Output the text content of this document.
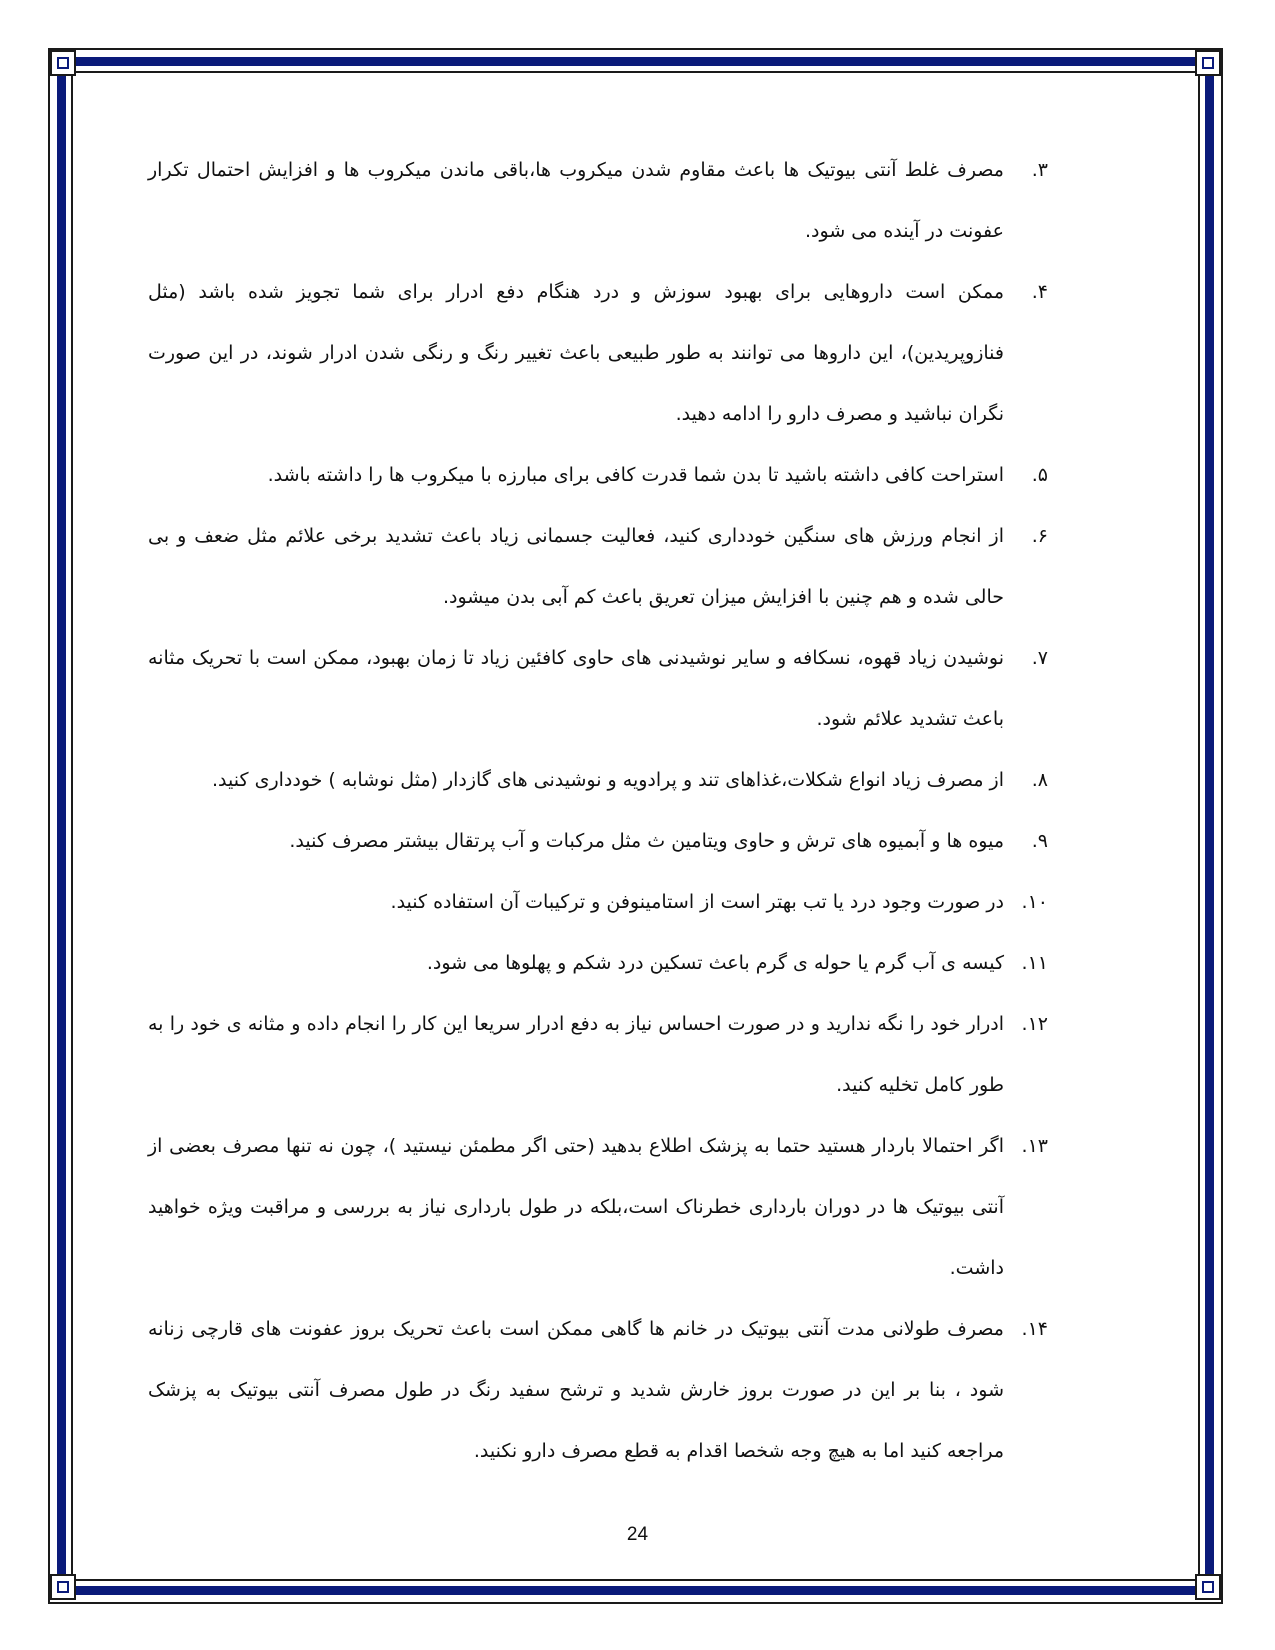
۳.
مصرف غلط آنتی بیوتیک ها باعث مقاوم شدن میکروب ها،باقی ماندن میکروب ها و افزایش احتمال تکرار عفونت در آینده می شود.
۴.
ممکن است داروهایی برای بهبود سوزش و درد هنگام دفع ادرار برای شما تجویز شده باشد (مثل فنازوپریدین)، این داروها می توانند به طور طبیعی باعث تغییر رنگ و رنگی شدن ادرار شوند، در این صورت نگران نباشید و مصرف دارو را ادامه دهید.
۵.
استراحت کافی داشته باشید تا بدن شما قدرت کافی برای مبارزه با میکروب ها را داشته باشد.
۶.
از انجام ورزش های سنگین خودداری کنید، فعالیت جسمانی زیاد باعث تشدید برخی علائم مثل ضعف و بی حالی شده و هم چنین با افزایش میزان تعریق باعث کم آبی بدن میشود.
۷.
نوشیدن زیاد قهوه، نسکافه و سایر نوشیدنی های حاوی کافئین زیاد تا زمان بهبود، ممکن است با تحریک مثانه باعث تشدید علائم شود.
۸.
از مصرف زیاد انواع شکلات،غذاهای تند و پرادویه و نوشیدنی های گازدار (مثل نوشابه ) خودداری کنید.
۹.
میوه ها و آبمیوه های ترش و حاوی ویتامین ث مثل مرکبات و آب پرتقال بیشتر مصرف کنید.
۱۰.
در صورت وجود درد یا تب بهتر است از استامینوفن و ترکیبات آن استفاده کنید.
۱۱.
کیسه ی آب گرم یا حوله ی گرم باعث تسکین درد شکم و پهلوها می شود.
۱۲.
ادرار خود را نگه ندارید و در صورت احساس نیاز به دفع ادرار سریعا این کار را انجام داده و مثانه ی خود را به طور کامل تخلیه کنید.
۱۳.
اگر احتمالا باردار هستید حتما به پزشک اطلاع بدهید (حتی اگر مطمئن نیستید )، چون نه تنها مصرف بعضی از آنتی بیوتیک ها در دوران بارداری خطرناک است،بلکه در طول بارداری نیاز به بررسی و مراقبت ویژه خواهید داشت.
۱۴.
مصرف طولانی مدت آنتی بیوتیک در خانم ها گاهی ممکن است باعث تحریک بروز عفونت های قارچی زنانه شود ، بنا بر این در صورت بروز خارش شدید و ترشح سفید رنگ در طول مصرف آنتی بیوتیک به پزشک مراجعه کنید اما به هیچ وجه شخصا اقدام به قطع مصرف دارو نکنید.
24
